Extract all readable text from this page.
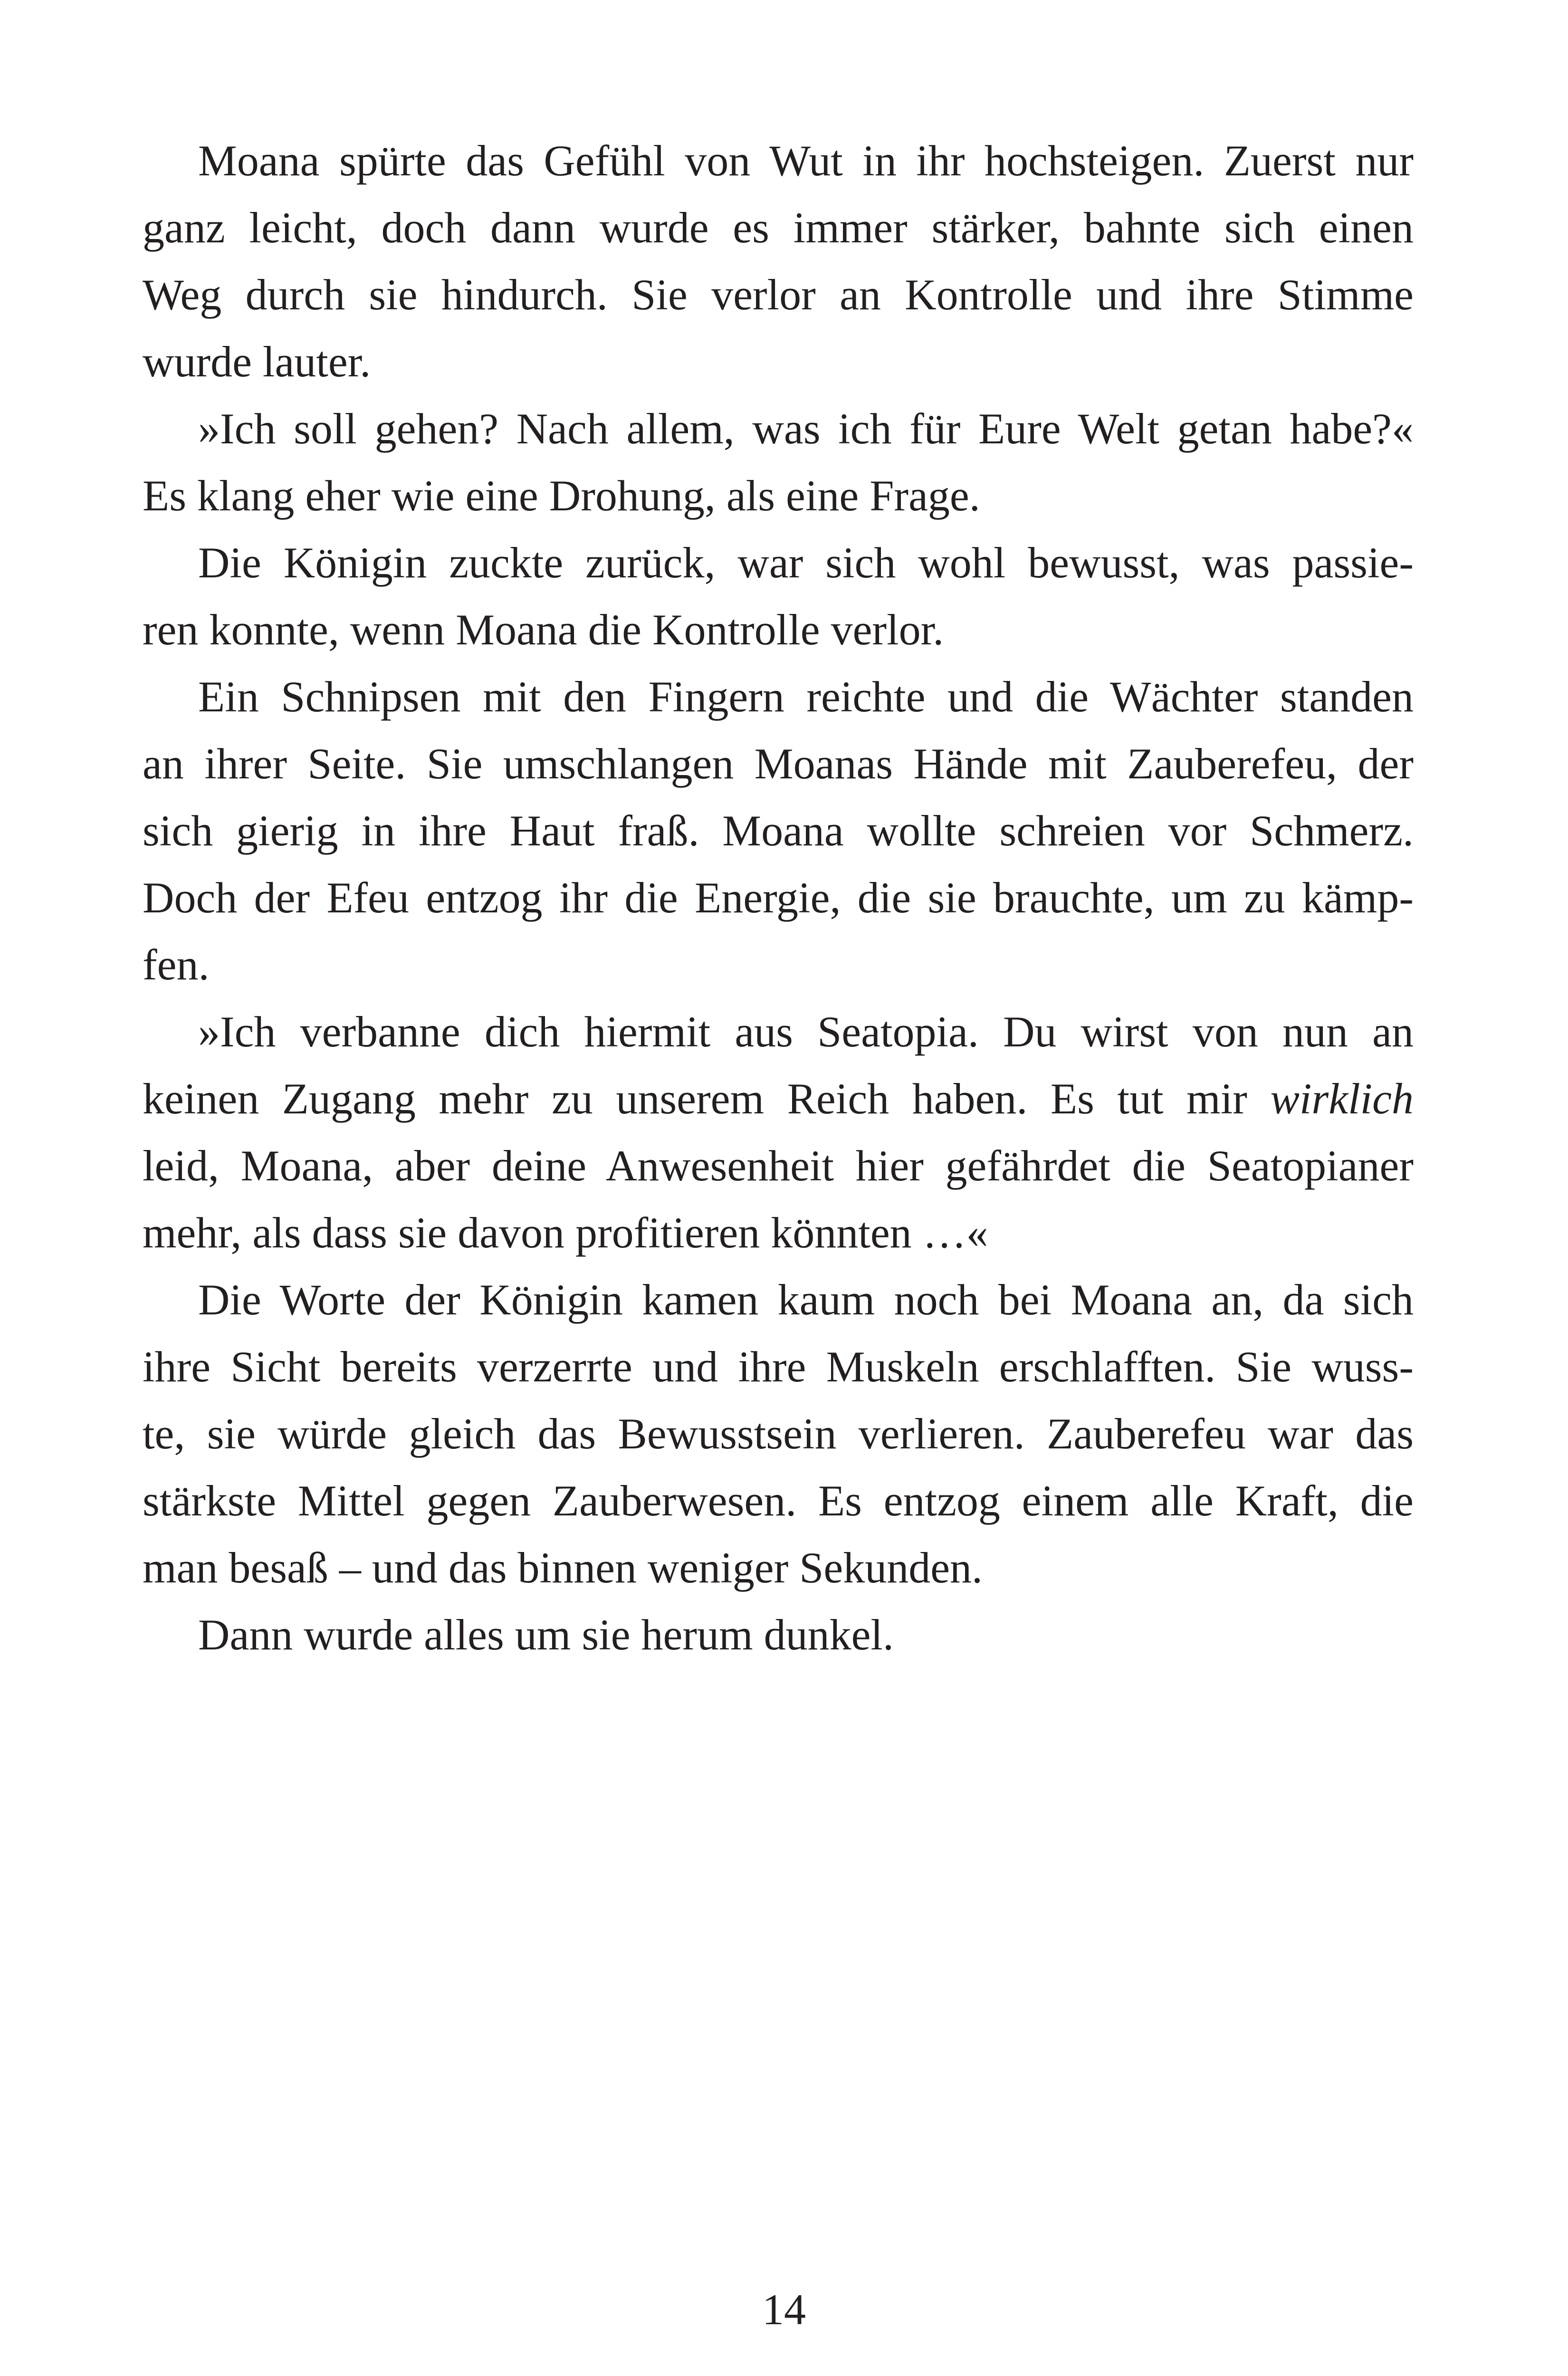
Moana spürte das Gefühl von Wut in ihr hochsteigen. Zuerst nur
ganz leicht, doch dann wurde es immer stärker, bahnte sich einen
Weg durch sie hindurch. Sie verlor an Kontrolle und ihre Stimme
wurde lauter.
»Ich soll gehen? Nach allem, was ich für Eure Welt getan habe?«
Es klang eher wie eine Drohung, als eine Frage.
Die Königin zuckte zurück, war sich wohl bewusst, was passie-
ren konnte, wenn Moana die Kontrolle verlor.
Ein Schnipsen mit den Fingern reichte und die Wächter standen
an ihrer Seite. Sie umschlangen Moanas Hände mit Zauberefeu, der
sich gierig in ihre Haut fraß. Moana wollte schreien vor Schmerz.
Doch der Efeu entzog ihr die Energie, die sie brauchte, um zu kämp-
fen.
»Ich verbanne dich hiermit aus Seatopia. Du wirst von nun an
keinen Zugang mehr zu unserem Reich haben. Es tut mir wirklich
leid, Moana, aber deine Anwesenheit hier gefährdet die Seatopianer
mehr, als dass sie davon profitieren könnten …«
Die Worte der Königin kamen kaum noch bei Moana an, da sich
ihre Sicht bereits verzerrte und ihre Muskeln erschlafften. Sie wuss-
te, sie würde gleich das Bewusstsein verlieren. Zauberefeu war das
stärkste Mittel gegen Zauberwesen. Es entzog einem alle Kraft, die
man besaß – und das binnen weniger Sekunden.
Dann wurde alles um sie herum dunkel.
14
